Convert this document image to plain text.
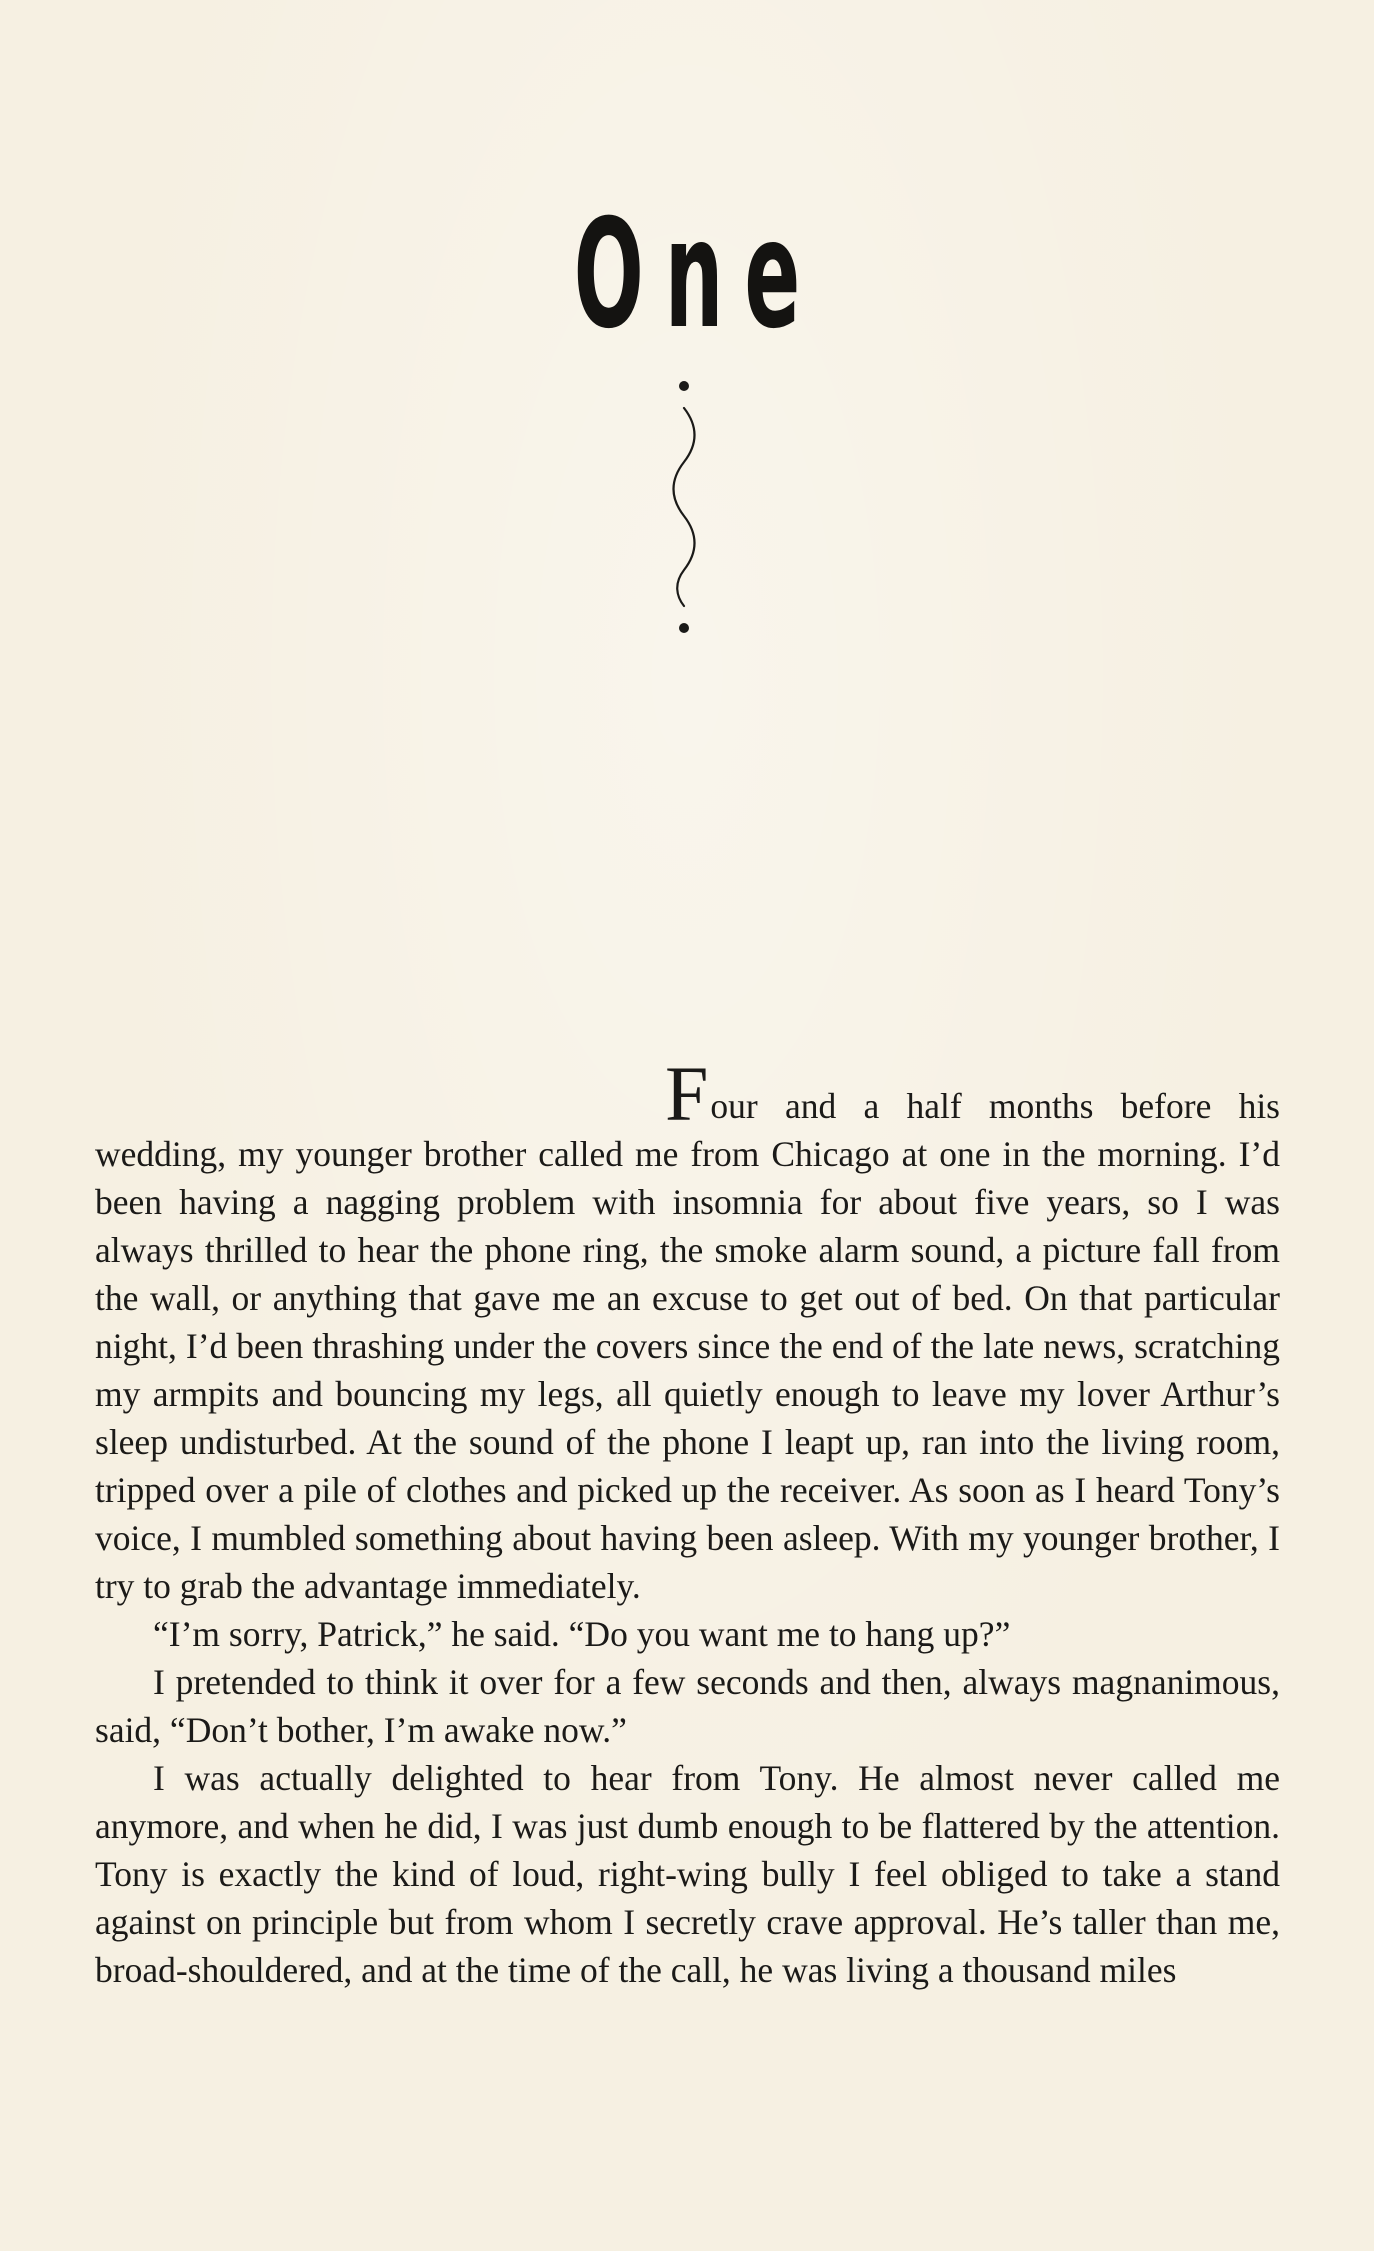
One

Four and a half months before his wedding, my younger brother called me from Chicago at one in the morning. I’d been having a nagging problem with insomnia for about five years, so I was always thrilled to hear the phone ring, the smoke alarm sound, a picture fall from the wall, or anything that gave me an excuse to get out of bed. On that particular night, I’d been thrashing under the covers since the end of the late news, scratching my armpits and bouncing my legs, all quietly enough to leave my lover Arthur’s sleep undisturbed. At the sound of the phone I leapt up, ran into the living room, tripped over a pile of clothes and picked up the receiver. As soon as I heard Tony’s voice, I mumbled something about having been asleep. With my younger brother, I try to grab the advantage immediately.

“I’m sorry, Patrick,” he said. “Do you want me to hang up?”

I pretended to think it over for a few seconds and then, always magnanimous, said, “Don’t bother, I’m awake now.”

I was actually delighted to hear from Tony. He almost never called me anymore, and when he did, I was just dumb enough to be flattered by the attention. Tony is exactly the kind of loud, right-wing bully I feel obliged to take a stand against on principle but from whom I secretly crave approval. He’s taller than me, broad-shouldered, and at the time of the call, he was living a thousand miles
